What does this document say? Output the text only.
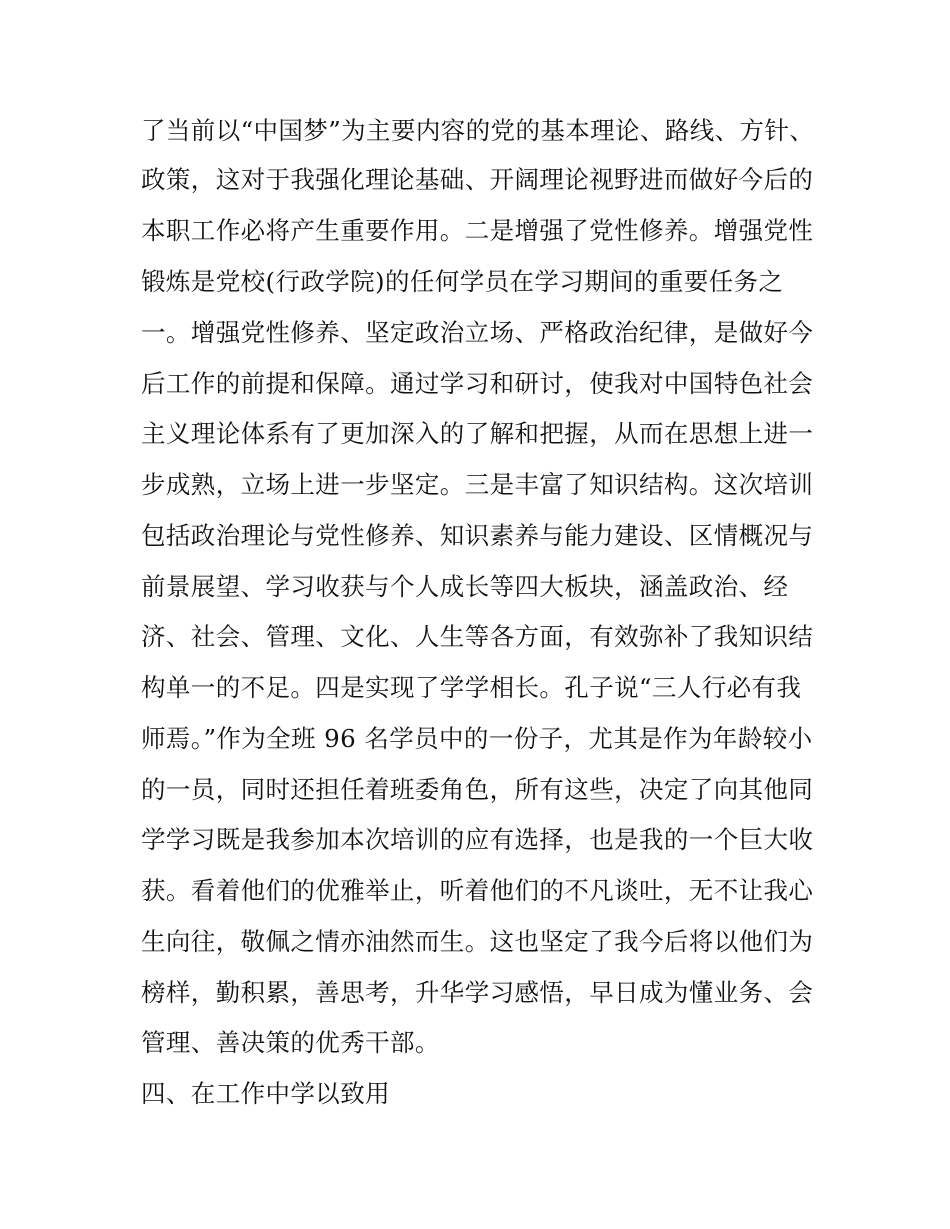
了当前以“中国梦”为主要内容的党的基本理论、路线、方针、
政策，这对于我强化理论基础、开阔理论视野进而做好今后的
本职工作必将产生重要作用。二是增强了党性修养。增强党性
锻炼是党校(行政学院)的任何学员在学习期间的重要任务之
一。增强党性修养、坚定政治立场、严格政治纪律，是做好今
后工作的前提和保障。通过学习和研讨，使我对中国特色社会
主义理论体系有了更加深入的了解和把握，从而在思想上进一
步成熟，立场上进一步坚定。三是丰富了知识结构。这次培训
包括政治理论与党性修养、知识素养与能力建设、区情概况与
前景展望、学习收获与个人成长等四大板块，涵盖政治、经
济、社会、管理、文化、人生等各方面，有效弥补了我知识结
构单一的不足。四是实现了学学相长。孔子说“三人行必有我
师焉。”作为全班 96 名学员中的一份子，尤其是作为年龄较小
的一员，同时还担任着班委角色，所有这些，决定了向其他同
学学习既是我参加本次培训的应有选择，也是我的一个巨大收
获。看着他们的优雅举止，听着他们的不凡谈吐，无不让我心
生向往，敬佩之情亦油然而生。这也坚定了我今后将以他们为
榜样，勤积累，善思考，升华学习感悟，早日成为懂业务、会
管理、善决策的优秀干部。
四、在工作中学以致用
